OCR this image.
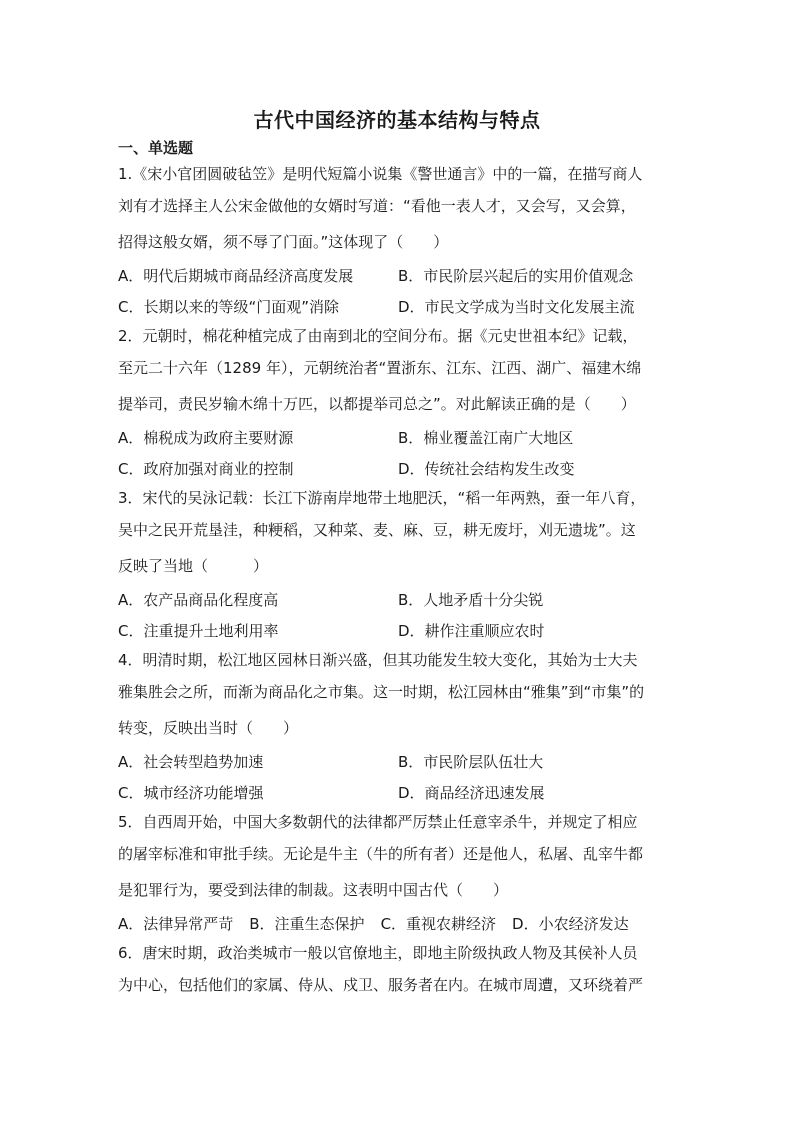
古代中国经济的基本结构与特点
一、单选题
1.《宋小官团圆破毡笠》是明代短篇小说集《警世通言》中的一篇，在描写商人
刘有才选择主人公宋金做他的女婿时写道：“看他一表人才，又会写，又会算，
招得这般女婿，须不辱了门面。”这体现了（　　）
A．明代后期城市商品经济高度发展	B．市民阶层兴起后的实用价值观念
C．长期以来的等级“门面观”消除	D．市民文学成为当时文化发展主流
2．元朝时，棉花种植完成了由南到北的空间分布。据《元史世祖本纪》记载，
至元二十六年（1289 年），元朝统治者“置浙东、江东、江西、湖广、福建木绵
提举司，责民岁输木绵十万匹，以都提举司总之”。对此解读正确的是（　　）
A．棉税成为政府主要财源	B．棉业覆盖江南广大地区
C．政府加强对商业的控制	D．传统社会结构发生改变
3．宋代的吴泳记载：长江下游南岸地带土地肥沃，“稻一年两熟，蚕一年八育，
吴中之民开荒垦洼，种粳稻，又种菜、麦、麻、豆，耕无废圩，刈无遗垅”。这
反映了当地（　　　）
A．农产品商品化程度高	B．人地矛盾十分尖锐
C．注重提升土地利用率	D．耕作注重顺应农时
4．明清时期，松江地区园林日渐兴盛，但其功能发生较大变化，其始为士大夫
雅集胜会之所，而渐为商品化之市集。这一时期，松江园林由“雅集”到“市集”的
转变，反映出当时（　　）
A．社会转型趋势加速	B．市民阶层队伍壮大
C．城市经济功能增强	D．商品经济迅速发展
5．自西周开始，中国大多数朝代的法律都严厉禁止任意宰杀牛，并规定了相应
的屠宰标准和审批手续。无论是牛主（牛的所有者）还是他人，私屠、乱宰牛都
是犯罪行为，要受到法律的制裁。这表明中国古代（　　）
A．法律异常严苛 B．注重生态保护 C．重视农耕经济 D．小农经济发达
6．唐宋时期，政治类城市一般以官僚地主，即地主阶级执政人物及其侯补人员
为中心，包括他们的家属、侍从、戍卫、服务者在内。在城市周遭，又环绕着严
